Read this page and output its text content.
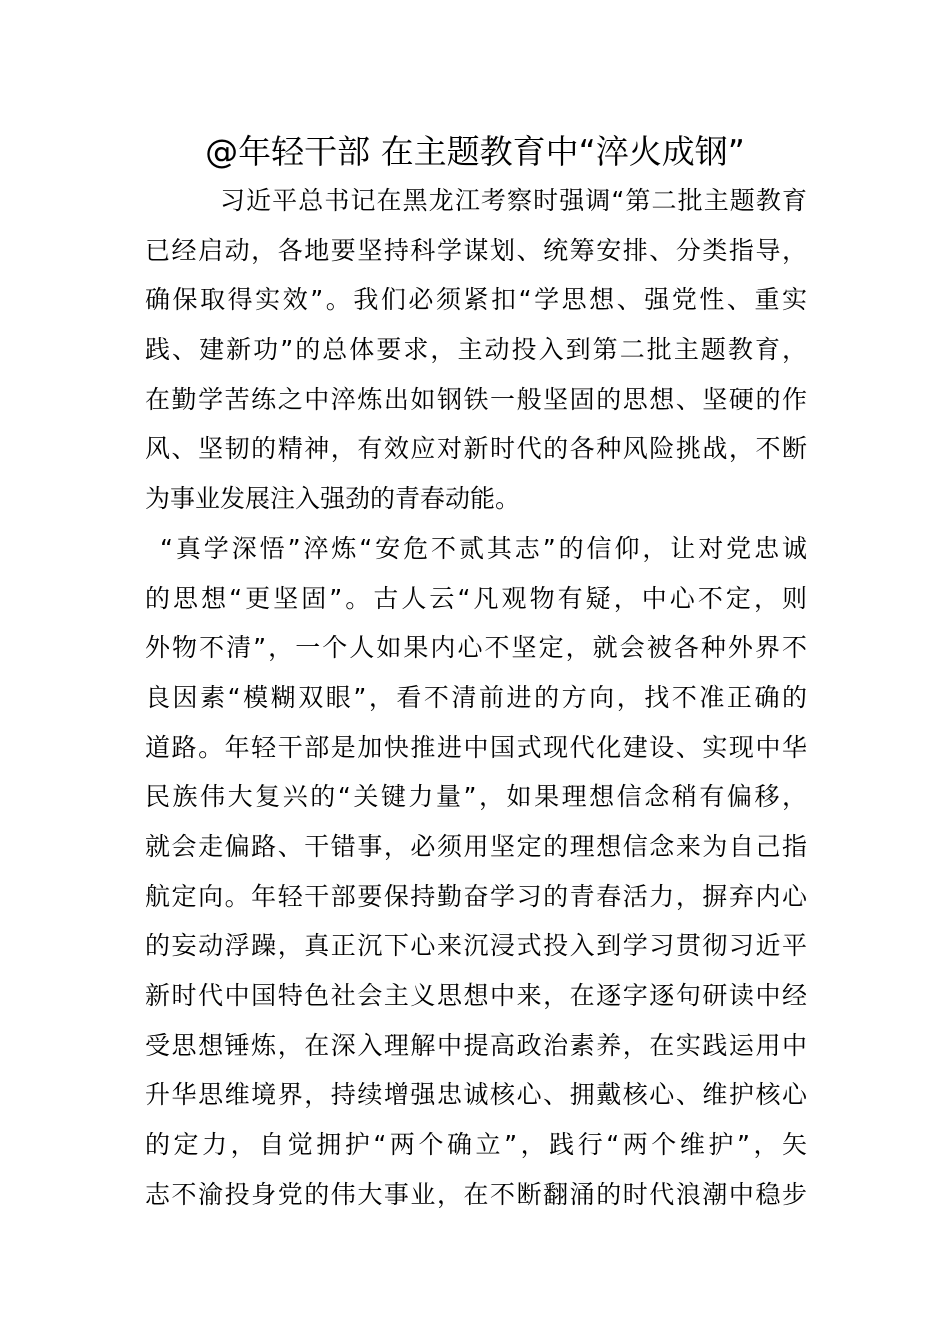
@年轻干部 在主题教育中“淬火成钢”
习近平总书记在黑龙江考察时强调“第二批主题教育
已经启动，各地要坚持科学谋划、统筹安排、分类指导，
确保取得实效”。我们必须紧扣“学思想、强党性、重实
践、建新功”的总体要求，主动投入到第二批主题教育，
在勤学苦练之中淬炼出如钢铁一般坚固的思想、坚硬的作
风、坚韧的精神，有效应对新时代的各种风险挑战，不断
为事业发展注入强劲的青春动能。
“真学深悟”淬炼“安危不贰其志”的信仰，让对党忠诚
的思想“更坚固”。古人云“凡观物有疑，中心不定，则
外物不清”，一个人如果内心不坚定，就会被各种外界不
良因素“模糊双眼”，看不清前进的方向，找不准正确的
道路。年轻干部是加快推进中国式现代化建设、实现中华
民族伟大复兴的“关键力量”，如果理想信念稍有偏移，
就会走偏路、干错事，必须用坚定的理想信念来为自己指
航定向。年轻干部要保持勤奋学习的青春活力，摒弃内心
的妄动浮躁，真正沉下心来沉浸式投入到学习贯彻习近平
新时代中国特色社会主义思想中来，在逐字逐句研读中经
受思想锤炼，在深入理解中提高政治素养，在实践运用中
升华思维境界，持续增强忠诚核心、拥戴核心、维护核心
的定力，自觉拥护“两个确立”，践行“两个维护”，矢
志不渝投身党的伟大事业，在不断翻涌的时代浪潮中稳步
